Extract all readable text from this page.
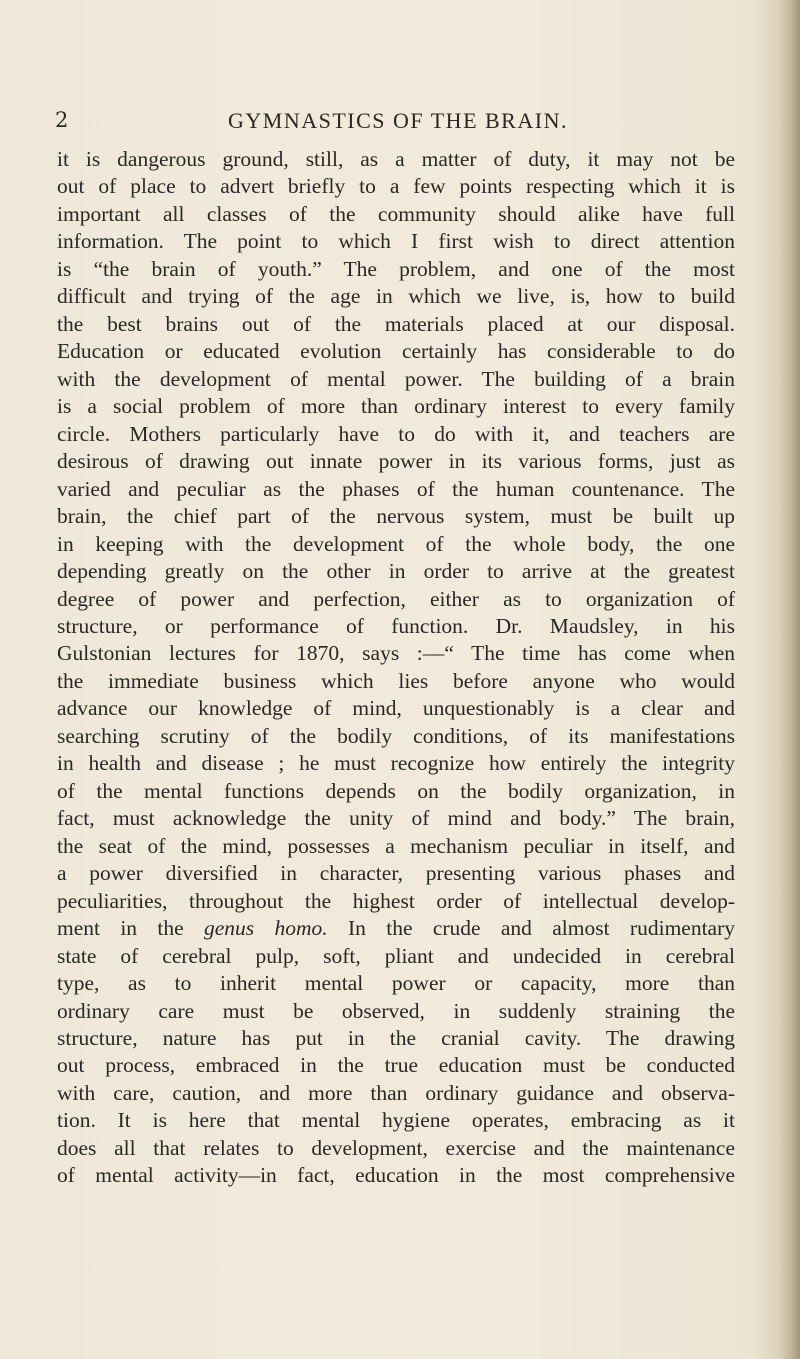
2	GYMNASTICS OF THE BRAIN.
it is dangerous ground, still, as a matter of duty, it may not be
out of place to advert briefly to a few points respecting which it is
important all classes of the community should alike have full
information. The point to which I first wish to direct attention
is “the brain of youth.” The problem, and one of the most
difficult and trying of the age in which we live, is, how to build
the best brains out of the materials placed at our disposal.
Education or educated evolution certainly has considerable to do
with the development of mental power. The building of a brain
is a social problem of more than ordinary interest to every family
circle. Mothers particularly have to do with it, and teachers are
desirous of drawing out innate power in its various forms, just as
varied and peculiar as the phases of the human countenance. The
brain, the chief part of the nervous system, must be built up
in keeping with the development of the whole body, the one
depending greatly on the other in order to arrive at the greatest
degree of power and perfection, either as to organization of
structure, or performance of function. Dr. Maudsley, in his
Gulstonian lectures for 1870, says :—“ The time has come when
the immediate business which lies before anyone who would
advance our knowledge of mind, unquestionably is a clear and
searching scrutiny of the bodily conditions, of its manifestations
in health and disease ; he must recognize how entirely the integrity
of the mental functions depends on the bodily organization, in
fact, must acknowledge the unity of mind and body.” The brain,
the seat of the mind, possesses a mechanism peculiar in itself, and
a power diversified in character, presenting various phases and
peculiarities, throughout the highest order of intellectual develop-
ment in the genus homo. In the crude and almost rudimentary
state of cerebral pulp, soft, pliant and undecided in cerebral
type, as to inherit mental power or capacity, more than
ordinary care must be observed, in suddenly straining the
structure, nature has put in the cranial cavity. The drawing
out process, embraced in the true education must be conducted
with care, caution, and more than ordinary guidance and observa-
tion. It is here that mental hygiene operates, embracing as it
does all that relates to development, exercise and the maintenance
of mental activity—in fact, education in the most comprehensive
